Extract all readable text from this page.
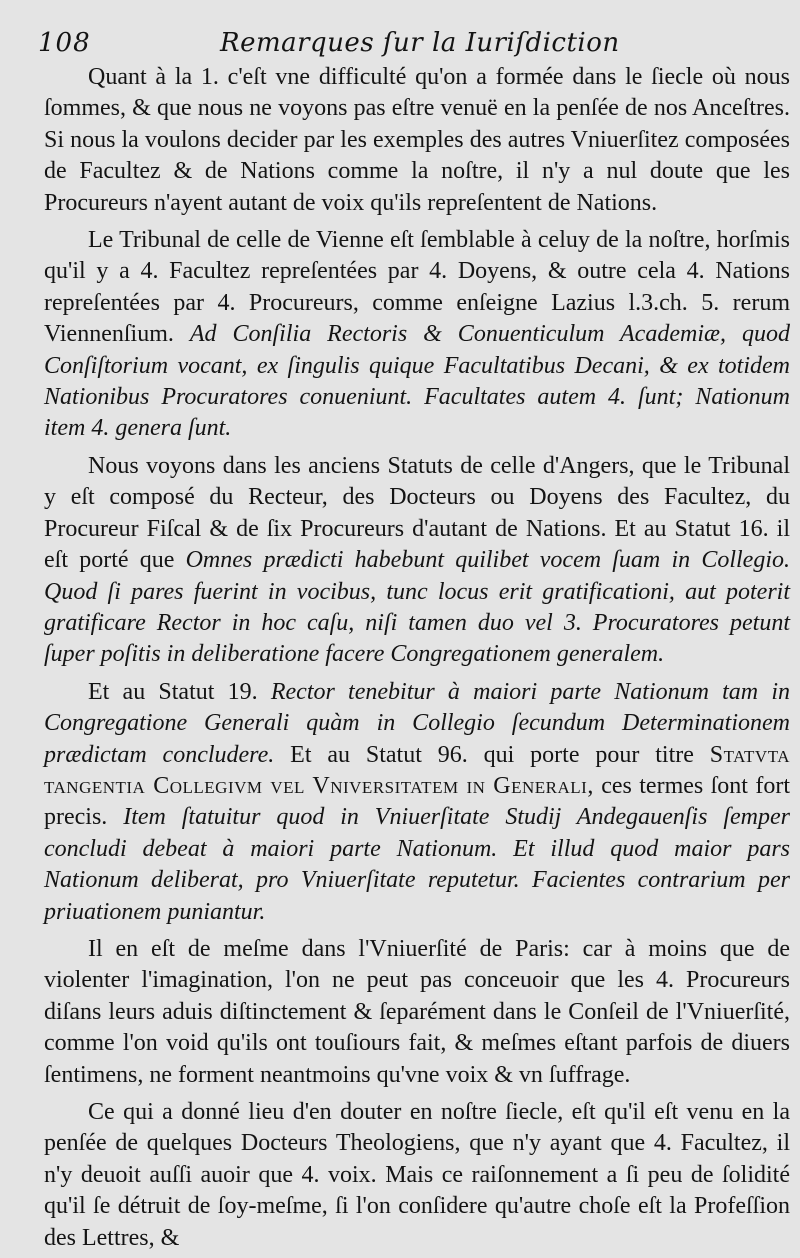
108	Remarques ſur la Iuriſdiction

Quant à la 1. c'eſt vne difficulté qu'on a formée dans le ſiecle où nous ſommes, & que nous ne voyons pas eſtre venuë en la penſée de nos Anceſtres. Si nous la voulons decider par les exemples des autres Vniuerſitez composées de Facultez & de Nations comme la noſtre, il n'y a nul doute que les Procureurs n'ayent autant de voix qu'ils repreſentent de Nations.

Le Tribunal de celle de Vienne eſt ſemblable à celuy de la noſtre, horſmis qu'il y a 4. Facultez repreſentées par 4. Doyens, & outre cela 4. Nations repreſentées par 4. Procureurs, comme enſeigne Lazius l.3.ch. 5. rerum Viennenſium. Ad Conſilia Rectoris & Conuenticulum Academiæ, quod Conſiſtorium vocant, ex ſingulis quique Facultatibus Decani, & ex totidem Nationibus Procuratores conueniunt. Facultates autem 4. ſunt; Nationum item 4. genera ſunt.

Nous voyons dans les anciens Statuts de celle d'Angers, que le Tribunal y eſt composé du Recteur, des Docteurs ou Doyens des Facultez, du Procureur Fiſcal & de ſix Procureurs d'autant de Nations. Et au Statut 16. il eſt porté que Omnes prædicti habebunt quilibet vocem ſuam in Collegio. Quod ſi pares fuerint in vocibus, tunc locus erit gratificationi, aut poterit gratificare Rector in hoc caſu, niſi tamen duo vel 3. Procuratores petunt ſuper poſitis in deliberatione facere Congregationem generalem.

Et au Statut 19. Rector tenebitur à maiori parte Nationum tam in Congregatione Generali quàm in Collegio ſecundum Determinationem prædictam concludere. Et au Statut 96. qui porte pour titre Statvta tangentia Collegivm vel Vniversitatem in Generali, ces termes ſont fort precis. Item ſtatuitur quod in Vniuerſitate Studij Andegauenſis ſemper concludi debeat à maiori parte Nationum. Et illud quod maior pars Nationum deliberat, pro Vniuerſitate reputetur. Facientes contrarium per priuationem puniantur.

Il en eſt de meſme dans l'Vniuerſité de Paris: car à moins que de violenter l'imagination, l'on ne peut pas conceuoir que les 4. Procureurs diſans leurs aduis diſtinctement & ſeparément dans le Conſeil de l'Vniuerſité, comme l'on void qu'ils ont touſiours fait, & meſmes eſtant parfois de diuers ſentimens, ne forment neantmoins qu'vne voix & vn ſuffrage.

Ce qui a donné lieu d'en douter en noſtre ſiecle, eſt qu'il eſt venu en la penſée de quelques Docteurs Theologiens, que n'y ayant que 4. Facultez, il n'y deuoit auſſi auoir que 4. voix. Mais ce raiſonnement a ſi peu de ſolidité qu'il ſe détruit de ſoy-meſme, ſi l'on conſidere qu'autre choſe eſt la Profeſſion des Lettres, &
